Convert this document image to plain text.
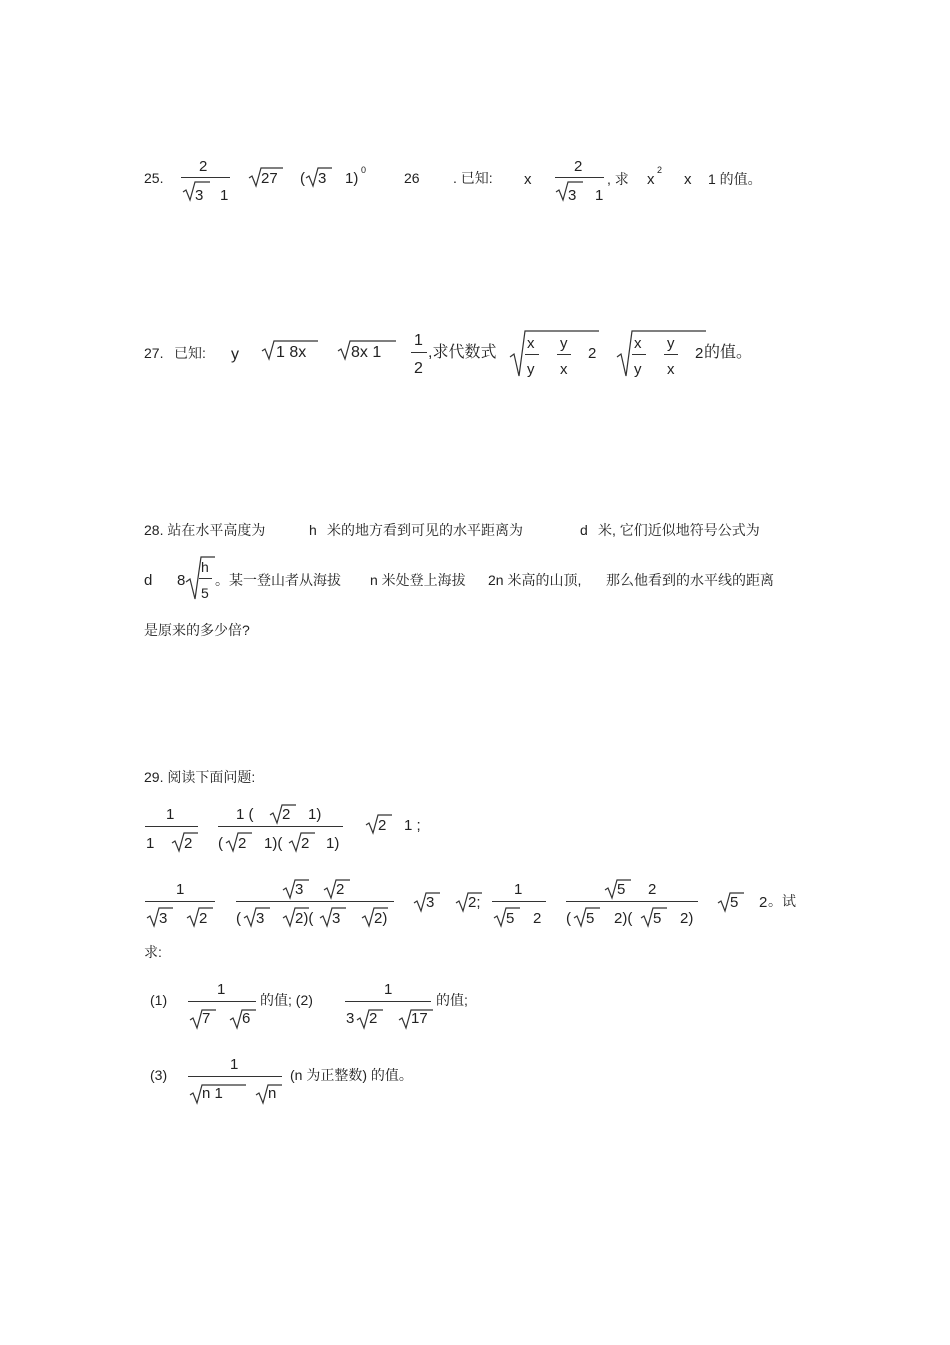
25.
2
3 1
27 ( 3 1) 0	26 . 已知: x
2
3 1
, 求 x
2
x 1 的值。
27. 已知: y 1 8x	8x 1
1
2
,求代数式
x
y
y
x
2
x
y
y
x
2 的值。
28. 站在水平高度为	h 米的地方看到可见的水平距离为	d 米, 它们近似地符号公式为
d 8
h
5
。某一登山者从海拔 n 米处登上海拔 2n 米高的山顶, 那么他看到的水平线的距离
是原来的多少倍?
29. 阅读下面问题:
1
1 2
1 ( 2 1)
( 2 1)( 2 1)
2 1 ;
1
3 2
3 2
( 3 2)( 3 2)
3 2;
1
5 2
5 2
( 5 2)( 5 2)
5 2 。试
求:
(1)
1
7 6
的值; (2)
1
3 2 17
的值;
(3)
1
n 1	n
(n 为正整数) 的值。
